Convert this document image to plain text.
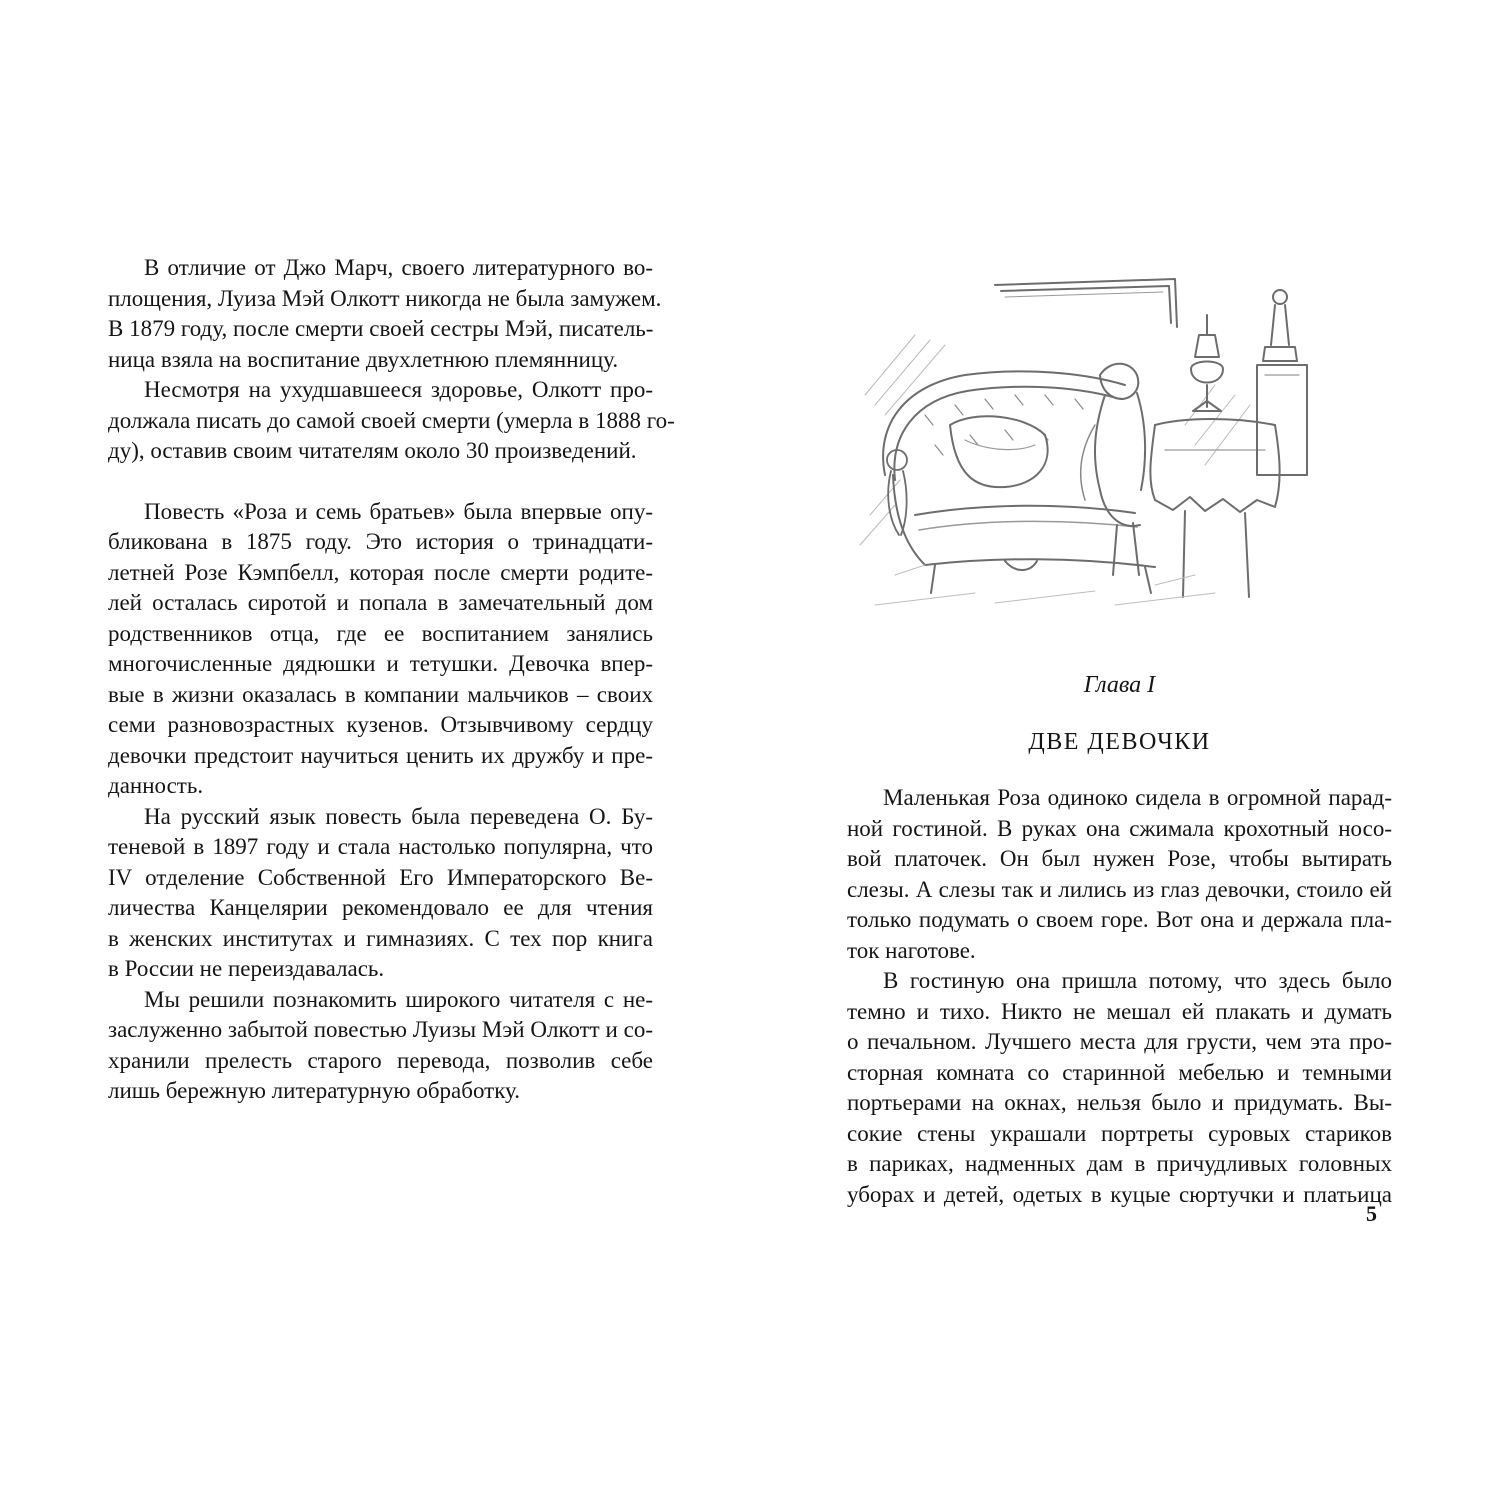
В отличие от Джо Марч, своего литературного во-
площения, Луиза Мэй Олкотт никогда не была замужем.
В 1879 году, после смерти своей сестры Мэй, писатель-
ница взяла на воспитание двухлетнюю племянницу.
Несмотря на ухудшавшееся здоровье, Олкотт про-
должала писать до самой своей смерти (умерла в 1888 го-
ду), оставив своим читателям около 30 произведений.
Повесть «Роза и семь братьев» была впервые опу-
бликована в 1875 году. Это история о тринадцати-
летней Розе Кэмпбелл, которая после смерти родите-
лей осталась сиротой и попала в замечательный дом
родственников отца, где ее воспитанием занялись
многочисленные дядюшки и тетушки. Девочка впер-
вые в жизни оказалась в компании мальчиков – своих
семи разновозрастных кузенов. Отзывчивому сердцу
девочки предстоит научиться ценить их дружбу и пре-
данность.
На русский язык повесть была переведена О. Бу-
теневой в 1897 году и стала настолько популярна, что
IV отделение Собственной Его Императорского Ве-
личества Канцелярии рекомендовало ее для чтения
в женских институтах и гимназиях. С тех пор книга
в России не переиздавалась.
Мы решили познакомить широкого читателя с не-
заслуженно забытой повестью Луизы Мэй Олкотт и со-
хранили прелесть старого перевода, позволив себе
лишь бережную литературную обработку.
Глава I
ДВЕ ДЕВОЧКИ
Маленькая Роза одиноко сидела в огромной парад-
ной гостиной. В руках она сжимала крохотный носо-
вой платочек. Он был нужен Розе, чтобы вытирать
слезы. А слезы так и лились из глаз девочки, стоило ей
только подумать о своем горе. Вот она и держала пла-
ток наготове.
В гостиную она пришла потому, что здесь было
темно и тихо. Никто не мешал ей плакать и думать
о печальном. Лучшего места для грусти, чем эта про-
сторная комната со старинной мебелью и темными
портьерами на окнах, нельзя было и придумать. Вы-
сокие стены украшали портреты суровых стариков
в париках, надменных дам в причудливых головных
уборах и детей, одетых в куцые сюртучки и платьица
5
